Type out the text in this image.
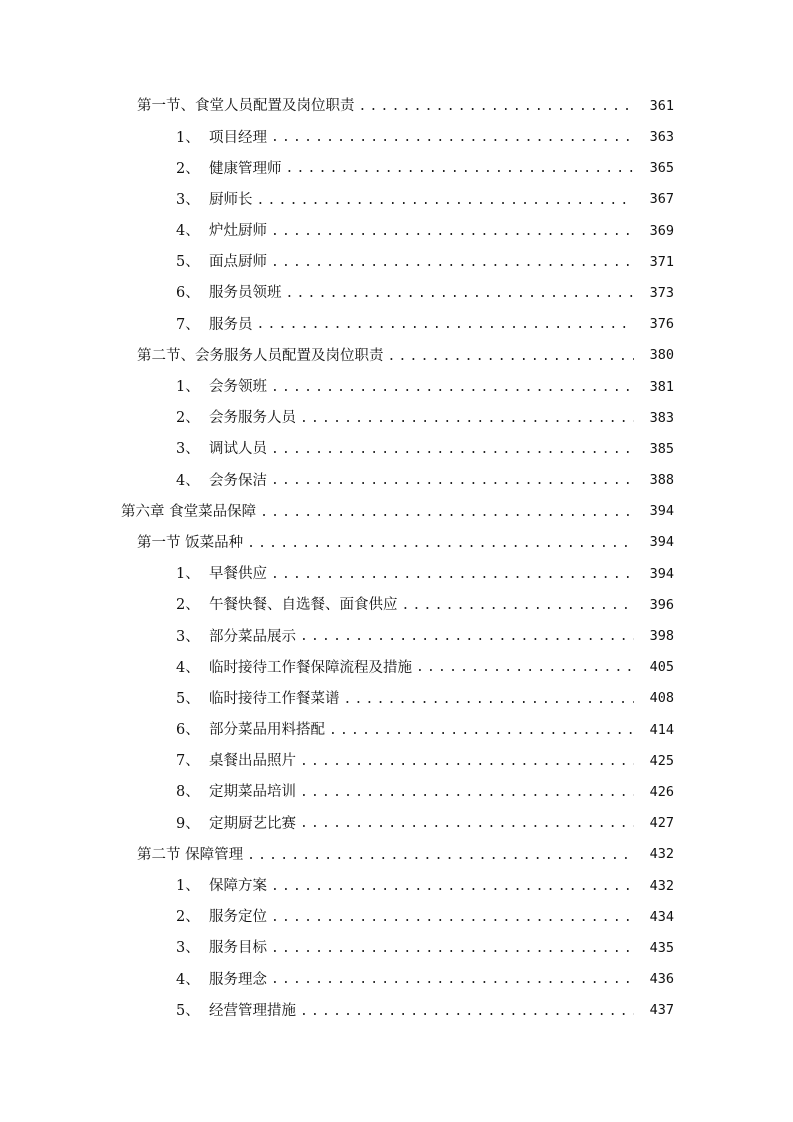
第一节、食堂人员配置及岗位职责 .....	361
1、 项目经理 .....	363
2、 健康管理师 .....	365
3、 厨师长 .....	367
4、 炉灶厨师 .....	369
5、 面点厨师 .....	371
6、 服务员领班 .....	373
7、 服务员 .....	376
第二节、会务服务人员配置及岗位职责 .....	380
1、 会务领班 .....	381
2、 会务服务人员 .....	383
3、 调试人员 .....	385
4、 会务保洁 .....	388
第六章 食堂菜品保障 .....	394
第一节 饭菜品种 .....	394
1、 早餐供应 .....	394
2、 午餐快餐、自选餐、面食供应 .....	396
3、 部分菜品展示 .....	398
4、 临时接待工作餐保障流程及措施 .....	405
5、 临时接待工作餐菜谱 .....	408
6、 部分菜品用料搭配 .....	414
7、 桌餐出品照片 .....	425
8、 定期菜品培训 .....	426
9、 定期厨艺比赛 .....	427
第二节 保障管理 .....	432
1、 保障方案 .....	432
2、 服务定位 .....	434
3、 服务目标 .....	435
4、 服务理念 .....	436
5、 经营管理措施 .....	437
